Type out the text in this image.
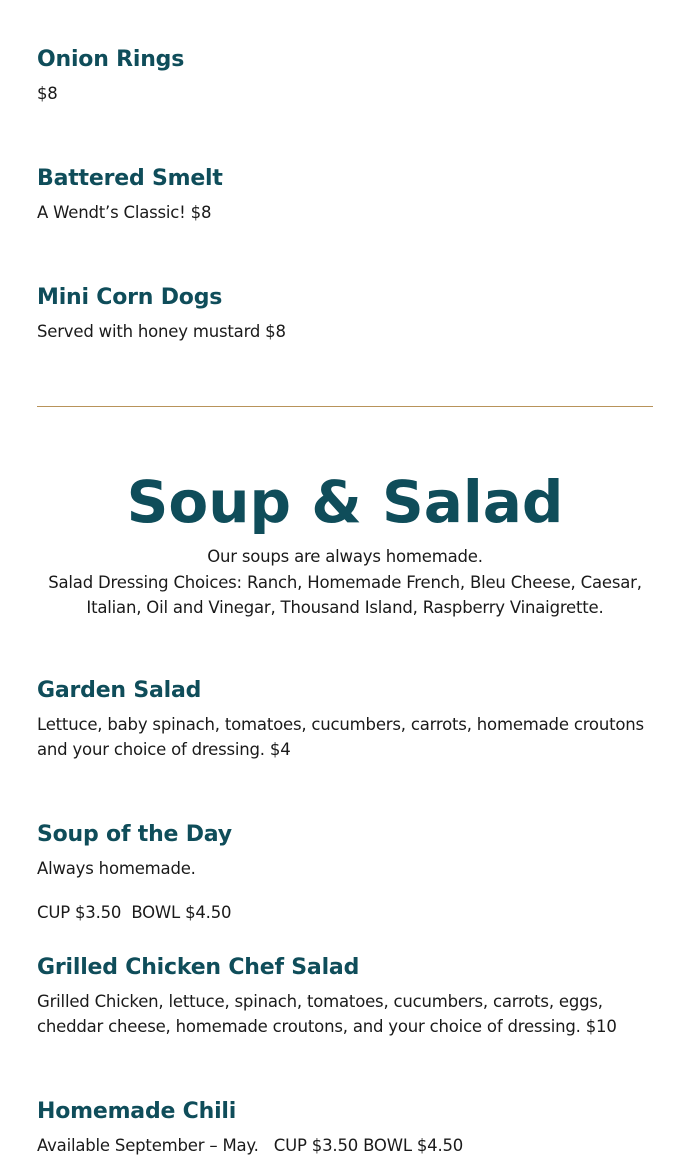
Onion Rings

$8

Battered Smelt

A Wendt’s Classic! $8

Mini Corn Dogs

Served with honey mustard $8

Soup & Salad

Our soups are always homemade.

Salad Dressing Choices: Ranch, Homemade French, Bleu Cheese, Caesar, Italian, Oil and Vinegar, Thousand Island, Raspberry Vinaigrette.

Garden Salad

Lettuce, baby spinach, tomatoes, cucumbers, carrots, homemade croutons and your choice of dressing. $4

Soup of the Day

Always homemade.

CUP $3.50  BOWL $4.50

Grilled Chicken Chef Salad

Grilled Chicken, lettuce, spinach, tomatoes, cucumbers, carrots, eggs, cheddar cheese, homemade croutons, and your choice of dressing. $10

Homemade Chili

Available September – May.   CUP $3.50 BOWL $4.50
